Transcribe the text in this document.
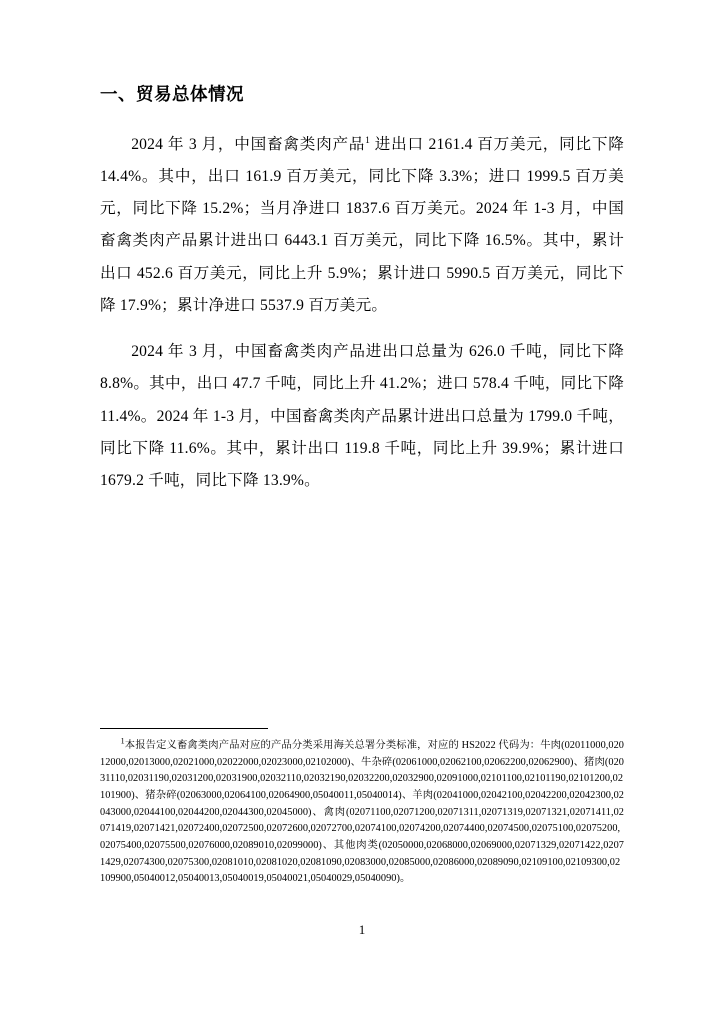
一、贸易总体情况

2024 年 3 月，中国畜禽类肉产品$^1$ 进出口 2161.4 百万美元，同比下降 14.4%。其中，出口 161.9 百万美元，同比下降 3.3%；进口 1999.5 百万美元，同比下降 15.2%；当月净进口 1837.6 百万美元。2024 年 1-3 月，中国畜禽类肉产品累计进出口 6443.1 百万美元，同比下降 16.5%。其中，累计出口 452.6 百万美元，同比上升 5.9%；累计进口 5990.5 百万美元，同比下降 17.9%；累计净进口 5537.9 百万美元。

2024 年 3 月，中国畜禽类肉产品进出口总量为 626.0 千吨，同比下降 8.8%。其中，出口 47.7 千吨，同比上升 41.2%；进口 578.4 千吨，同比下降 11.4%。2024 年 1-3 月，中国畜禽类肉产品累计进出口总量为 1799.0 千吨，同比下降 11.6%。其中，累计出口 119.8 千吨，同比上升 39.9%；累计进口 1679.2 千吨，同比下降 13.9%。

$^1$本报告定义畜禽类肉产品对应的产品分类采用海关总署分类标准，对应的 HS2022 代码为：牛肉(02011000,02012000,02013000,02021000,02022000,02023000,02102000)、牛杂碎(02061000,02062100,02062200,02062900)、猪肉(02031110,02031190,02031200,02031900,02032110,02032190,02032200,02032900,02091000,02101100,02101190,02101200,02101900)、猪杂碎(02063000,02064100,02064900,05040011,05040014)、羊肉(02041000,02042100,02042200,02042300,02043000,02044100,02044200,02044300,02045000)、禽肉(02071100,02071200,02071311,02071319,02071321,02071411,02071419,02071421,02072400,02072500,02072600,02072700,02074100,02074200,02074400,02074500,02075100,02075200,02075400,02075500,02076000,02089010,02099000)、其他肉类(02050000,02068000,02069000,02071329,02071422,02071429,02074300,02075300,02081010,02081020,02081090,02083000,02085000,02086000,02089090,02109100,02109300,02109900,05040012,05040013,05040019,05040021,05040029,05040090)。

1
